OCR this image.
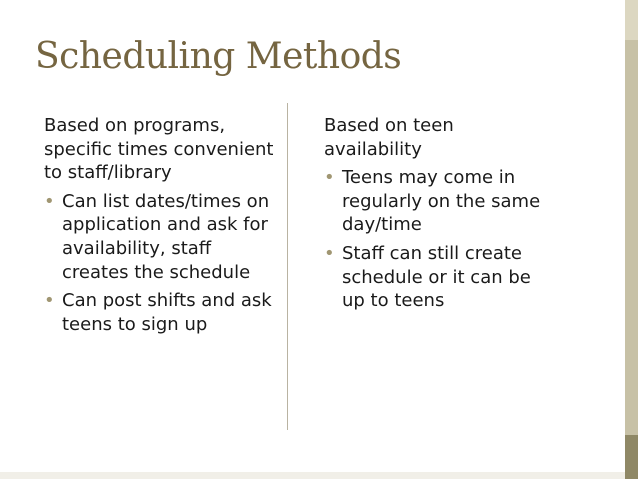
Scheduling Methods

Based on programs, specific times convenient to staff/library

• Can list dates/times on application and ask for availability, staff creates the schedule
• Can post shifts and ask teens to sign up

Based on teen availability

• Teens may come in regularly on the same day/time
• Staff can still create schedule or it can be up to teens
